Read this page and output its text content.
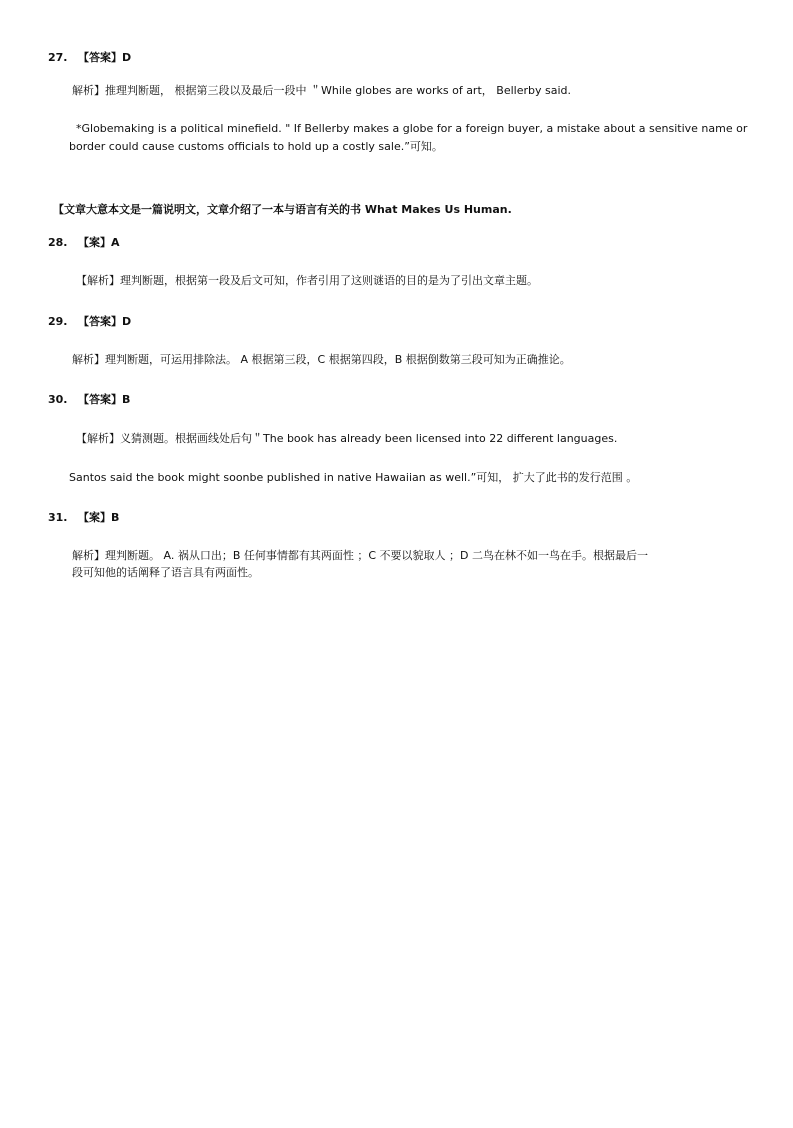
27. 【答案】D
解析】推理判断题， 根据第三段以及最后一段中 ＂While globes are works of art， Bellerby said.
*Globemaking is a political minefield. " If Bellerby makes a globe for a foreign buyer, a mistake about a sensitive name or
border could cause customs officials to hold up a costly sale.”可知。
【文章大意本文是一篇说明文，文章介绍了一本与语言有关的书 What Makes Us Human.
28. 【案】A
【解析】理判断题，根据第一段及后文可知，作者引用了这则谜语的目的是为了引出文章主题。
29. 【答案】D
解析】理判断题，可运用排除法。 A 根据第三段，C 根据第四段，B 根据倒数第三段可知为正确推论。
30. 【答案】B
【解析】义猜测题。根据画线处后句＂The book has already been licensed into 22 different languages.
Santos said the book might soonbe published in native Hawaiian as well.”可知， 扩大了此书的发行范围 。
31. 【案】B
解析】理判断题。 A. 祸从口出；B 任何事情都有其两面性 ；C 不要以貌取人 ；D 二鸟在林不如一鸟在手。根据最后一
段可知他的话阐释了语言具有两面性。
